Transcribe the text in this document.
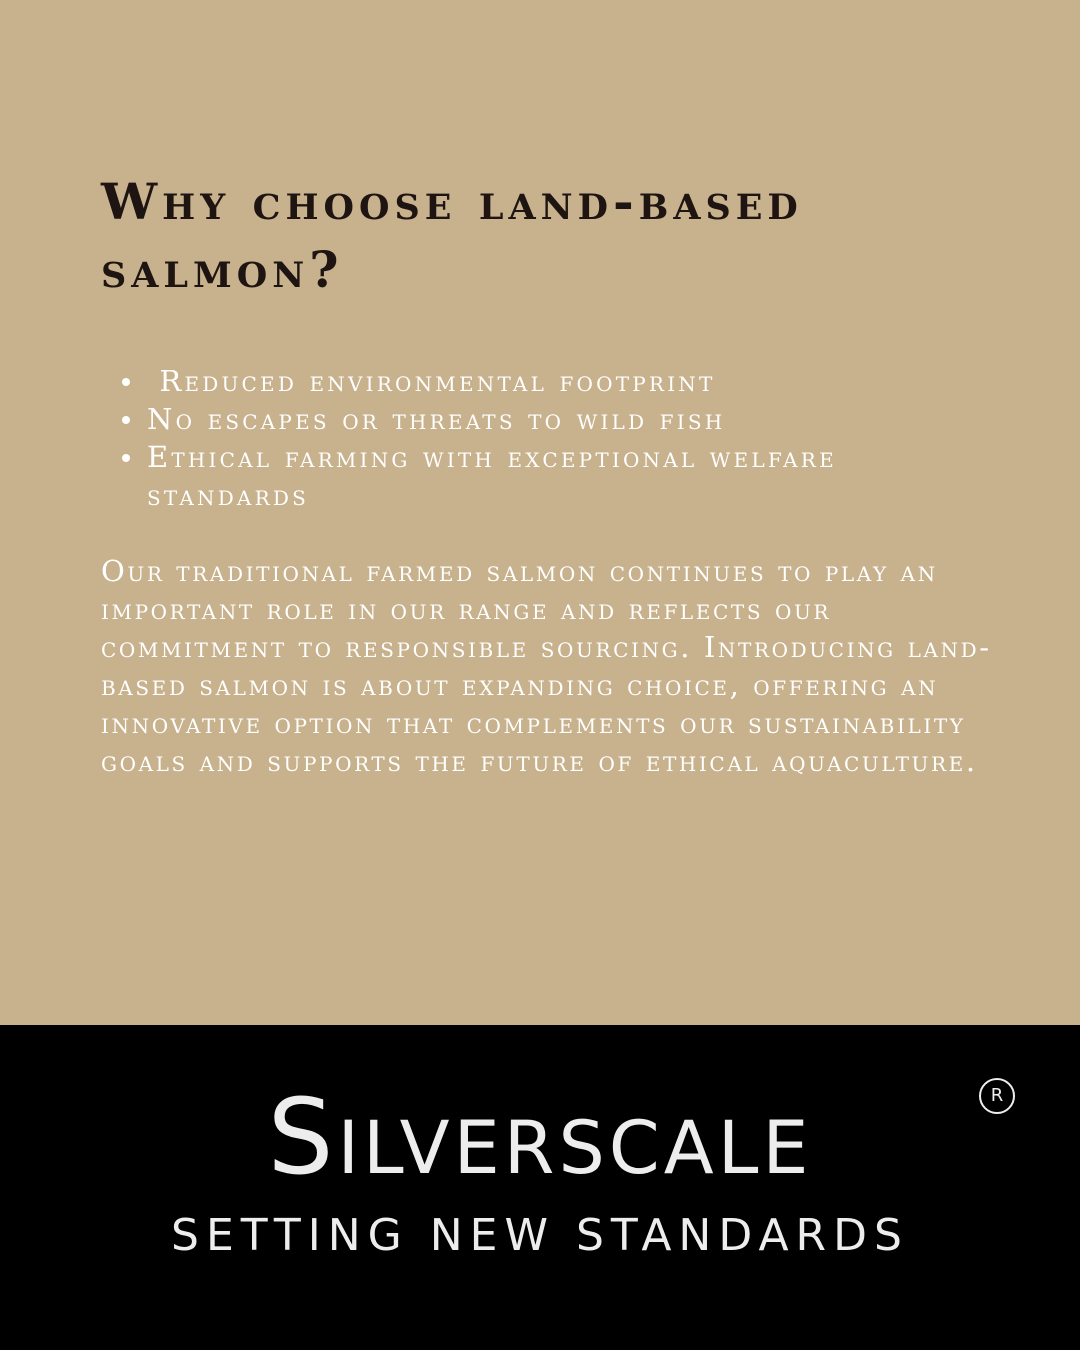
Why choose land-based salmon?
Reduced environmental footprint
No escapes or threats to wild fish
Ethical farming with exceptional welfare standards

Our traditional farmed salmon continues to play an important role in our range and reflects our commitment to responsible sourcing. Introducing land-based salmon is about expanding choice, offering an innovative option that complements our sustainability goals and supports the future of ethical aquaculture.

Silverscale	R
SETTING NEW STANDARDS
